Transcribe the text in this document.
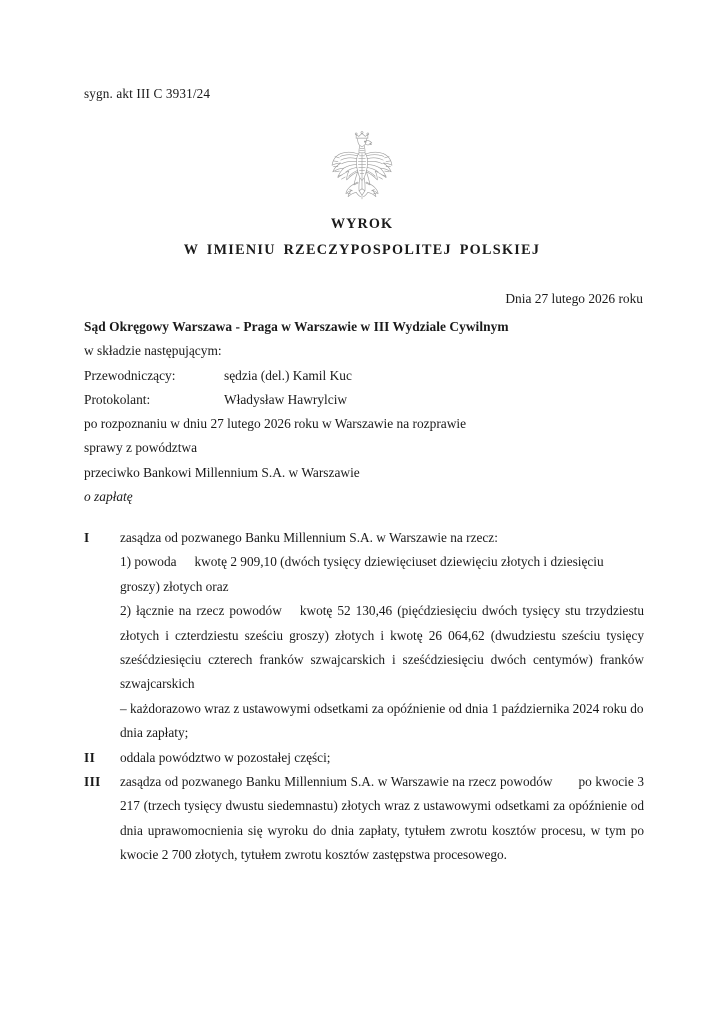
sygn. akt III C 3931/24
WYROK
W IMIENIU RZECZYPOSPOLITEJ POLSKIEJ
Dnia 27 lutego 2026 roku
Sąd Okręgowy Warszawa - Praga w Warszawie w III Wydziale Cywilnym
w składzie następującym:
Przewodniczący:	sędzia (del.) Kamil Kuc
Protokolant:	Władysław Hawrylciw
po rozpoznaniu w dniu 27 lutego 2026 roku w Warszawie na rozprawie
sprawy z powództwa
przeciwko Bankowi Millennium S.A. w Warszawie
o zapłatę
I	zasądza od pozwanego Banku Millennium S.A. w Warszawie na rzecz:
1) powoda kwotę 2 909,10 (dwóch tysięcy dziewięciuset dziewięciu złotych i dziesięciu groszy) złotych oraz
2) łącznie na rzecz powodów kwotę 52 130,46 (pięćdziesięciu dwóch tysięcy stu trzydziestu złotych i czterdziestu sześciu groszy) złotych i kwotę 26 064,62 (dwudziestu sześciu tysięcy sześćdziesięciu czterech franków szwajcarskich i sześćdziesięciu dwóch centymów) franków szwajcarskich
– każdorazowo wraz z ustawowymi odsetkami za opóźnienie od dnia 1 października 2024 roku do dnia zapłaty;
II	oddala powództwo w pozostałej części;
III	zasądza od pozwanego Banku Millennium S.A. w Warszawie na rzecz powodów po kwocie 3 217 (trzech tysięcy dwustu siedemnastu) złotych wraz z ustawowymi odsetkami za opóźnienie od dnia uprawomocnienia się wyroku do dnia zapłaty, tytułem zwrotu kosztów procesu, w tym po kwocie 2 700 złotych, tytułem zwrotu kosztów zastępstwa procesowego.
